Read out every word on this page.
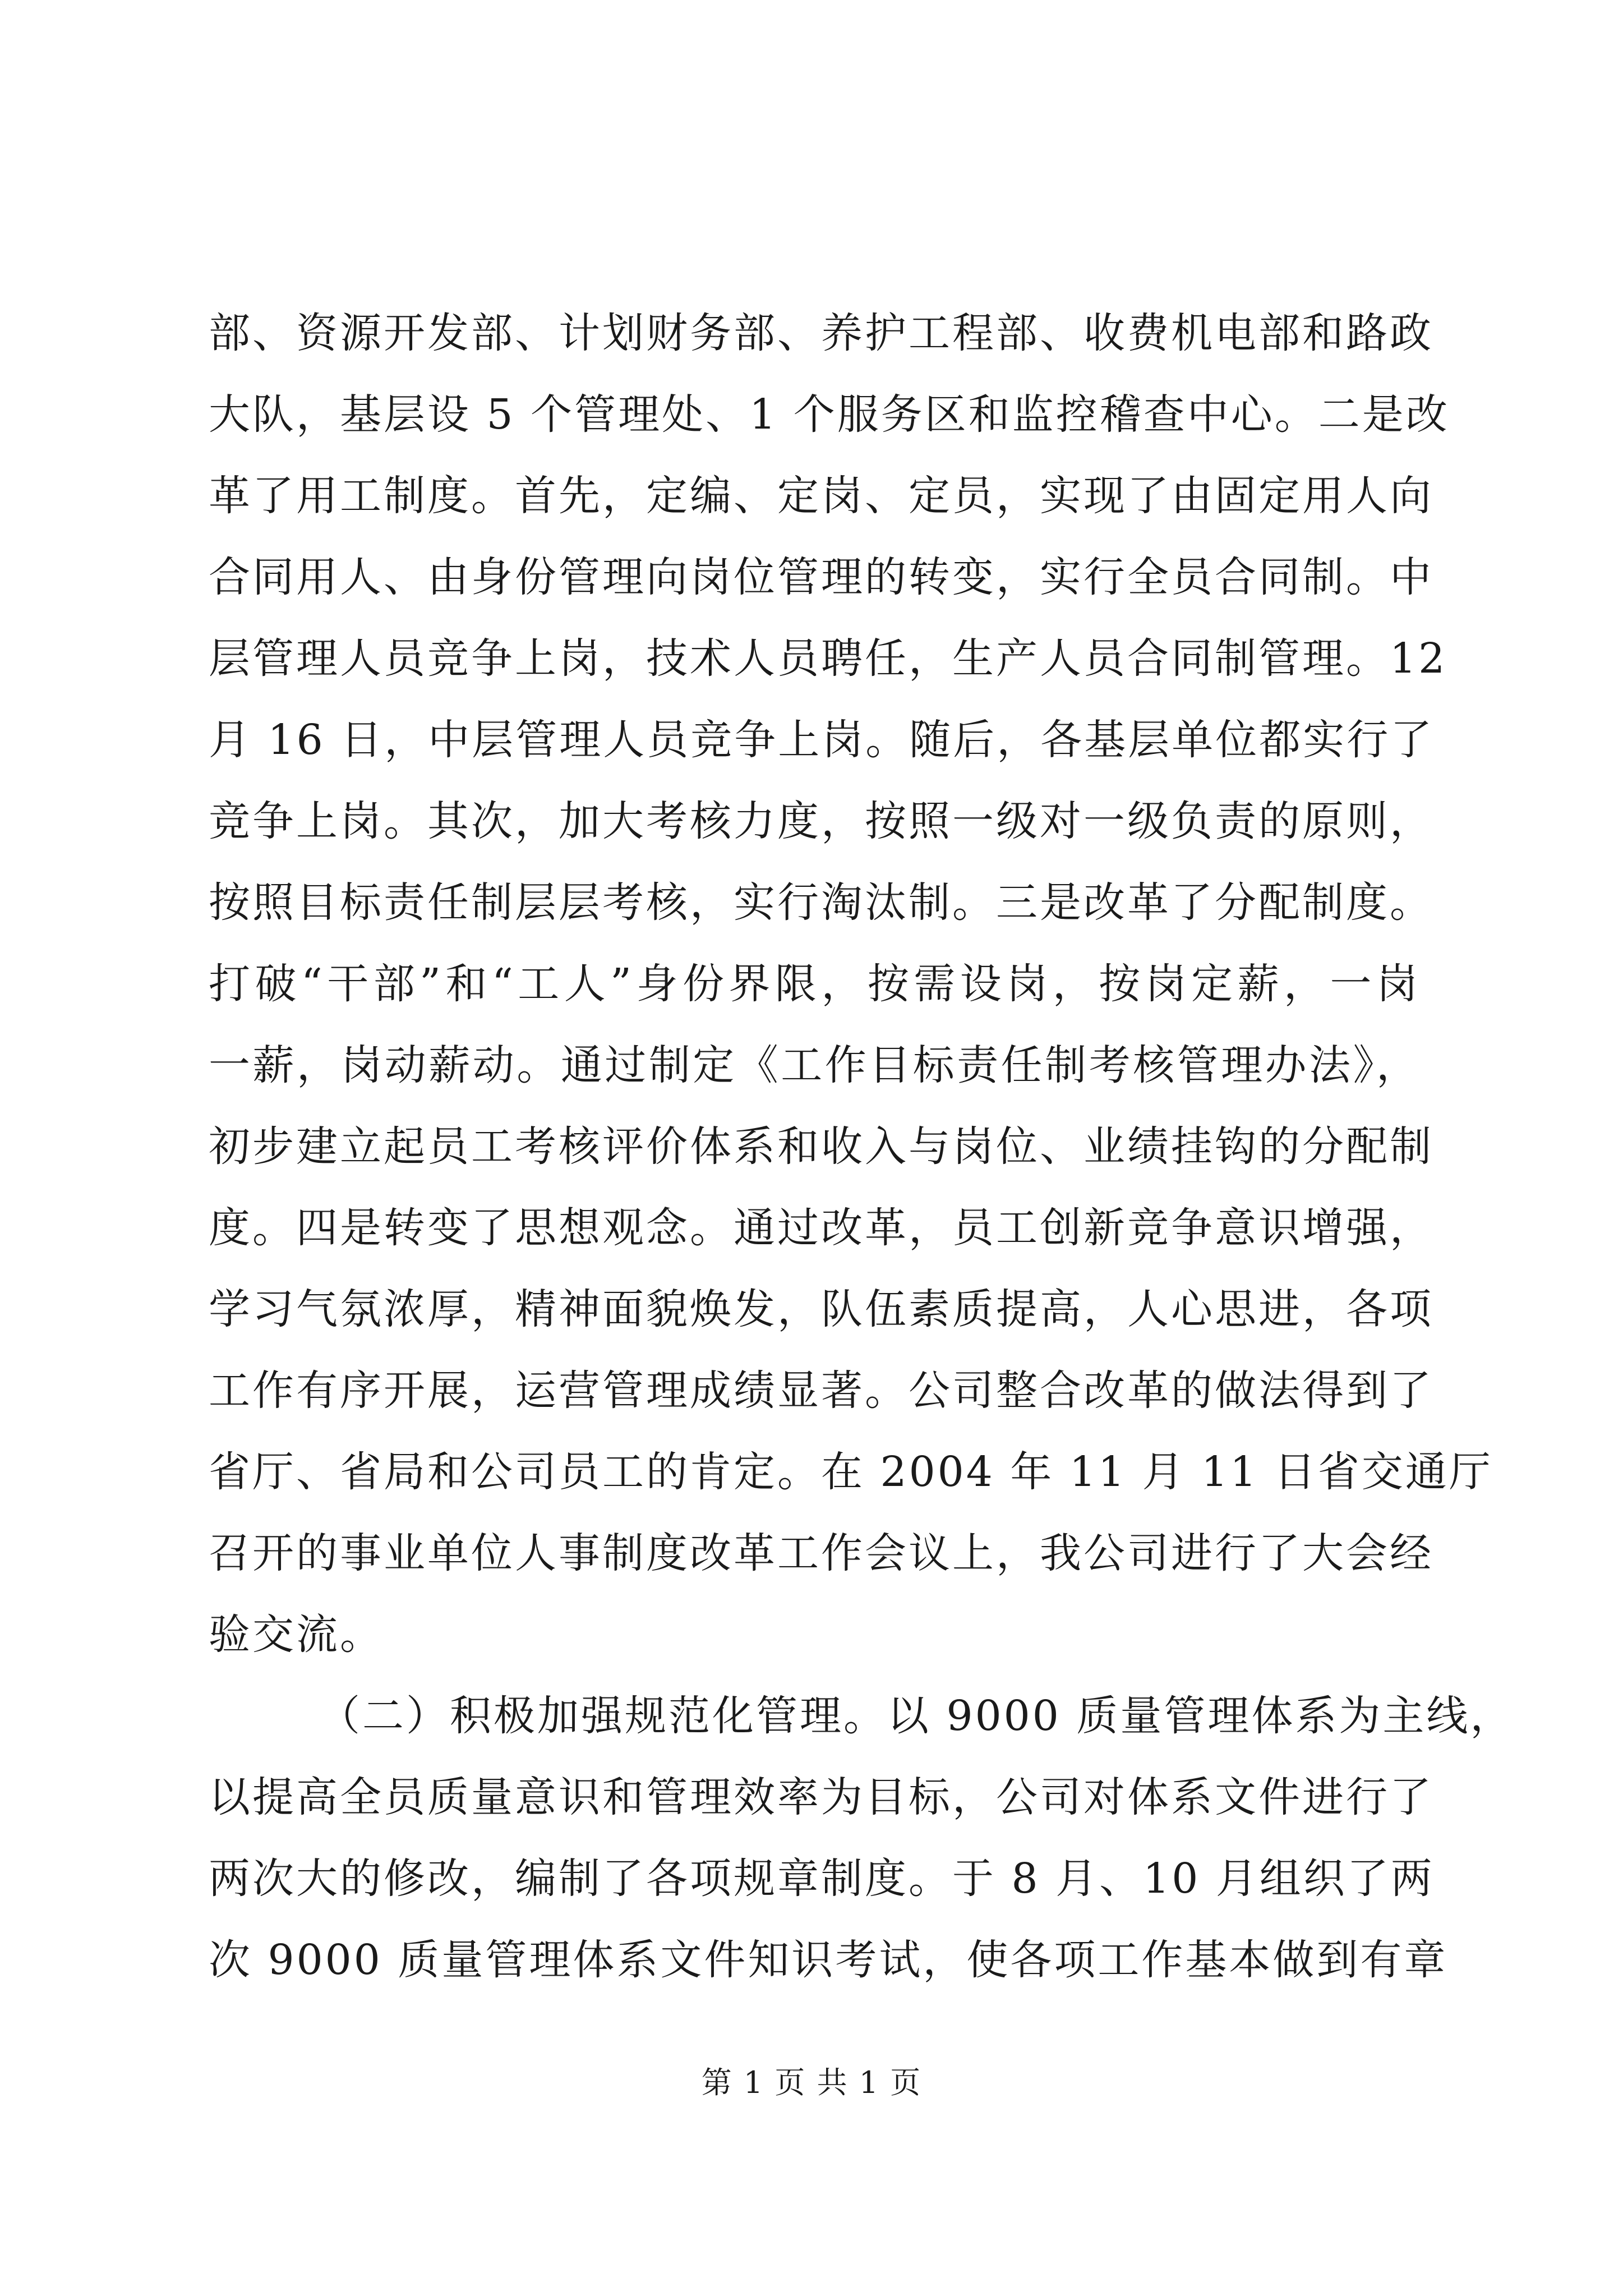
部、资源开发部、计划财务部、养护工程部、收费机电部和路政
大队，基层设 5 个管理处、1 个服务区和监控稽查中心。二是改
革了用工制度。首先，定编、定岗、定员，实现了由固定用人向
合同用人、由身份管理向岗位管理的转变，实行全员合同制。中
层管理人员竞争上岗，技术人员聘任，生产人员合同制管理。12
月 16 日，中层管理人员竞争上岗。随后，各基层单位都实行了
竞争上岗。其次，加大考核力度，按照一级对一级负责的原则，
按照目标责任制层层考核，实行淘汰制。三是改革了分配制度。
打破“干部”和“工人”身份界限，按需设岗，按岗定薪，一岗
一薪，岗动薪动。通过制定《工作目标责任制考核管理办法》，
初步建立起员工考核评价体系和收入与岗位、业绩挂钩的分配制
度。四是转变了思想观念。通过改革，员工创新竞争意识增强，
学习气氛浓厚，精神面貌焕发，队伍素质提高，人心思进，各项
工作有序开展，运营管理成绩显著。公司整合改革的做法得到了
省厅、省局和公司员工的肯定。在 2004 年 11 月 11 日省交通厅
召开的事业单位人事制度改革工作会议上，我公司进行了大会经
验交流。
（二）积极加强规范化管理。以 9000 质量管理体系为主线，
以提高全员质量意识和管理效率为目标，公司对体系文件进行了
两次大的修改，编制了各项规章制度。于 8 月、10 月组织了两
次 9000 质量管理体系文件知识考试，使各项工作基本做到有章
第 1 页 共 1 页
